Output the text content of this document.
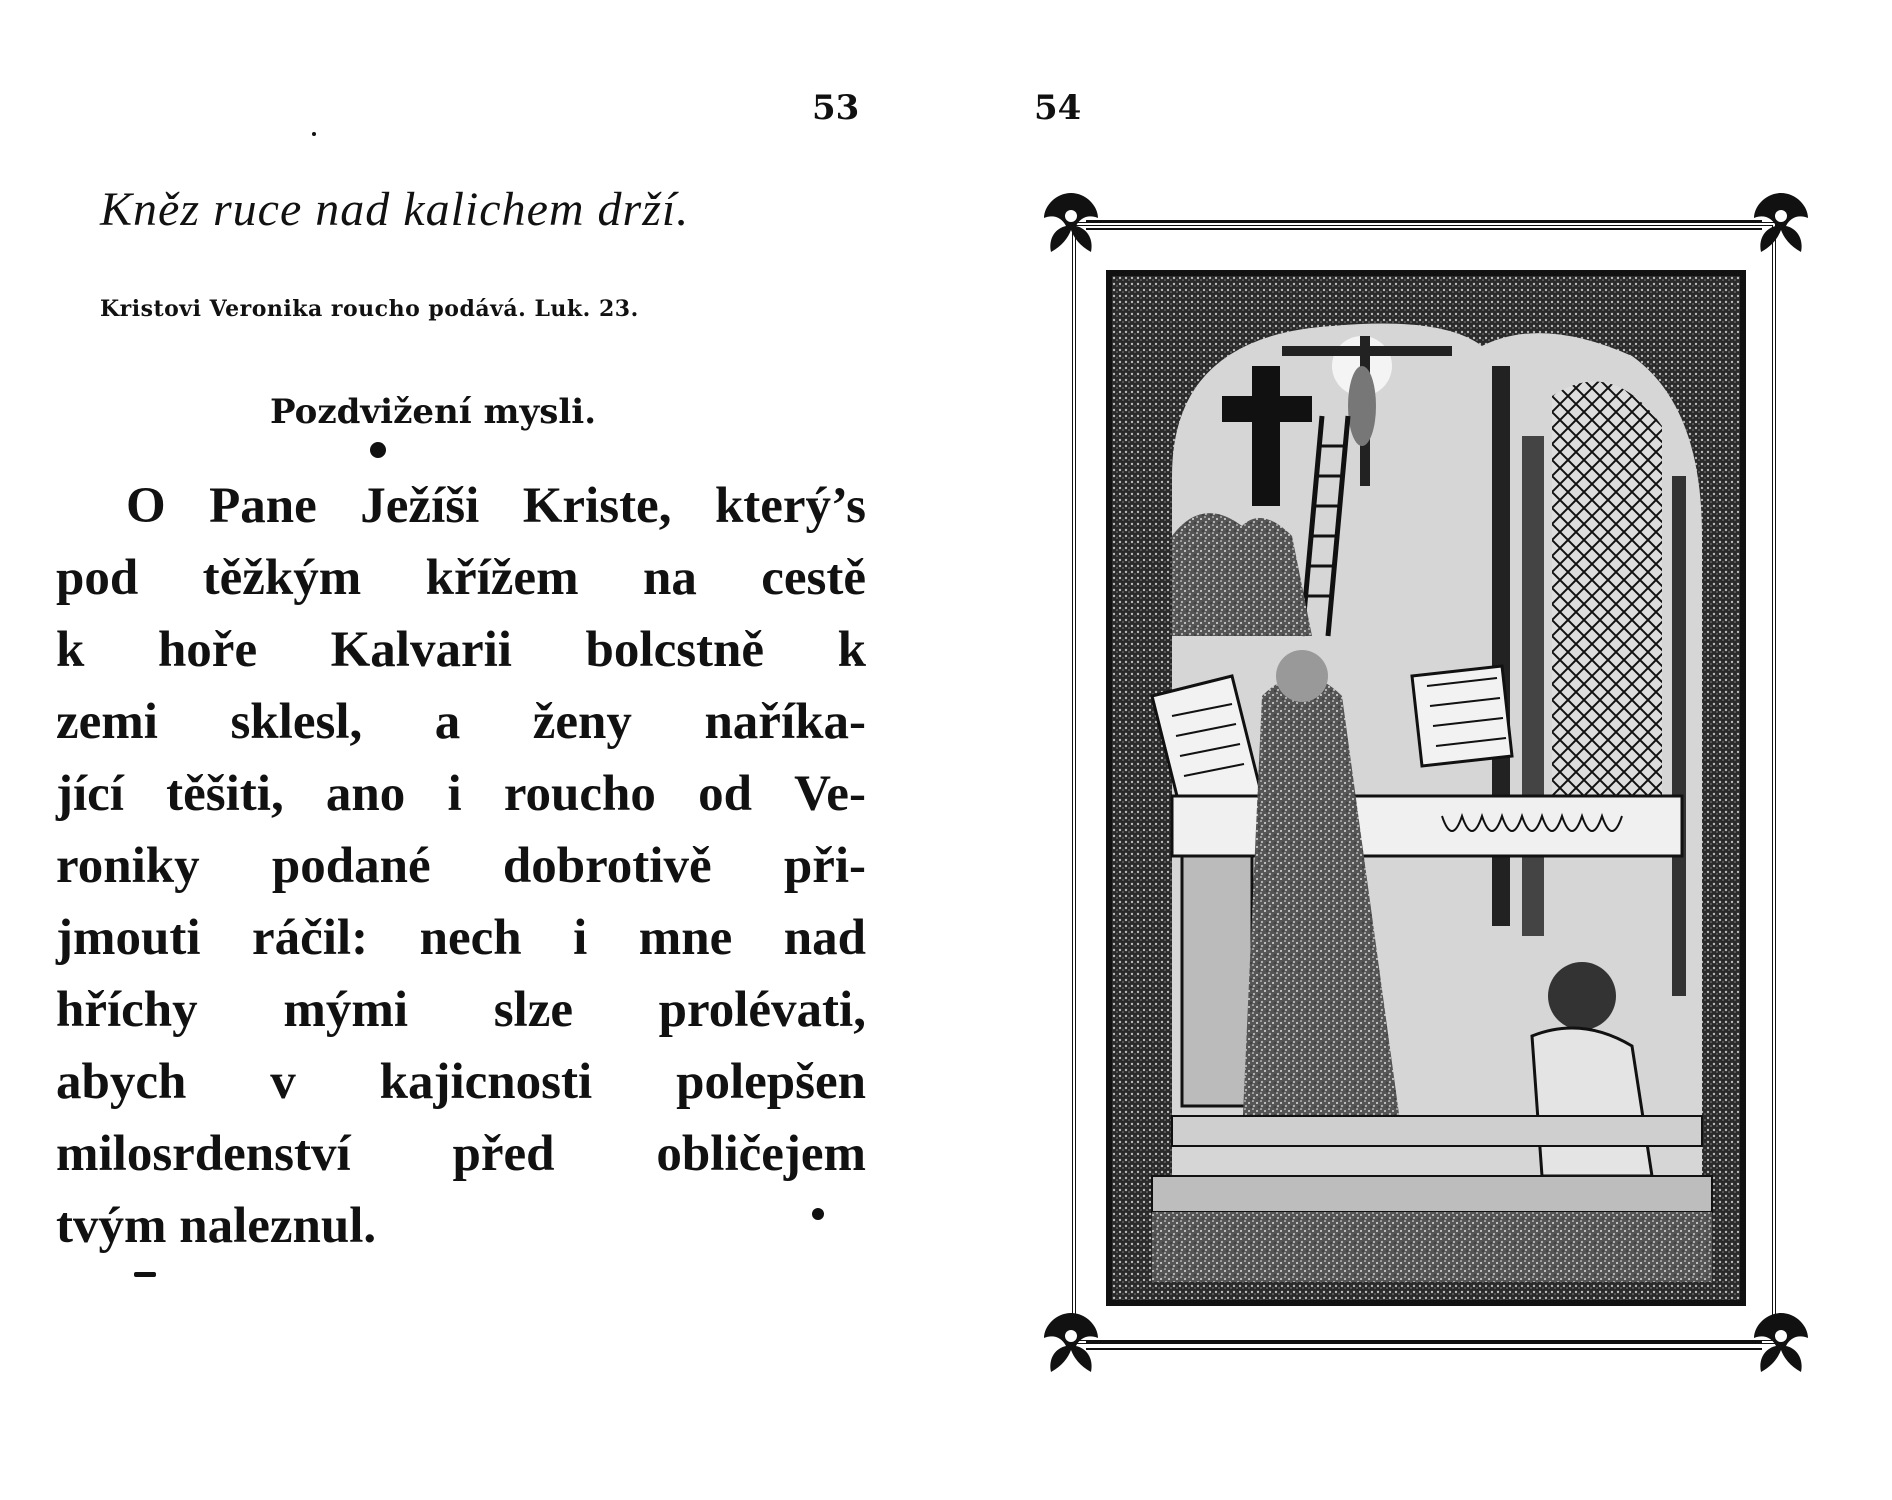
53
Kněz ruce nad kalichem drží.
Kristovi Veronika roucho podává. Luk. 23.
Pozdvižení mysli.
O Pane Ježíši Kriste, který’s
pod těžkým křížem na cestě
k hoře Kalvarii bolcstně k
zemi sklesl, a ženy naříka-
jící těšiti, ano i roucho od Ve-
roniky podané dobrotivě při-
jmouti ráčil: nech i mne nad
hříchy mými slze prolévati,
abych v kajicnosti polepšen
milosrdenství před obličejem
tvým naleznul.
54
